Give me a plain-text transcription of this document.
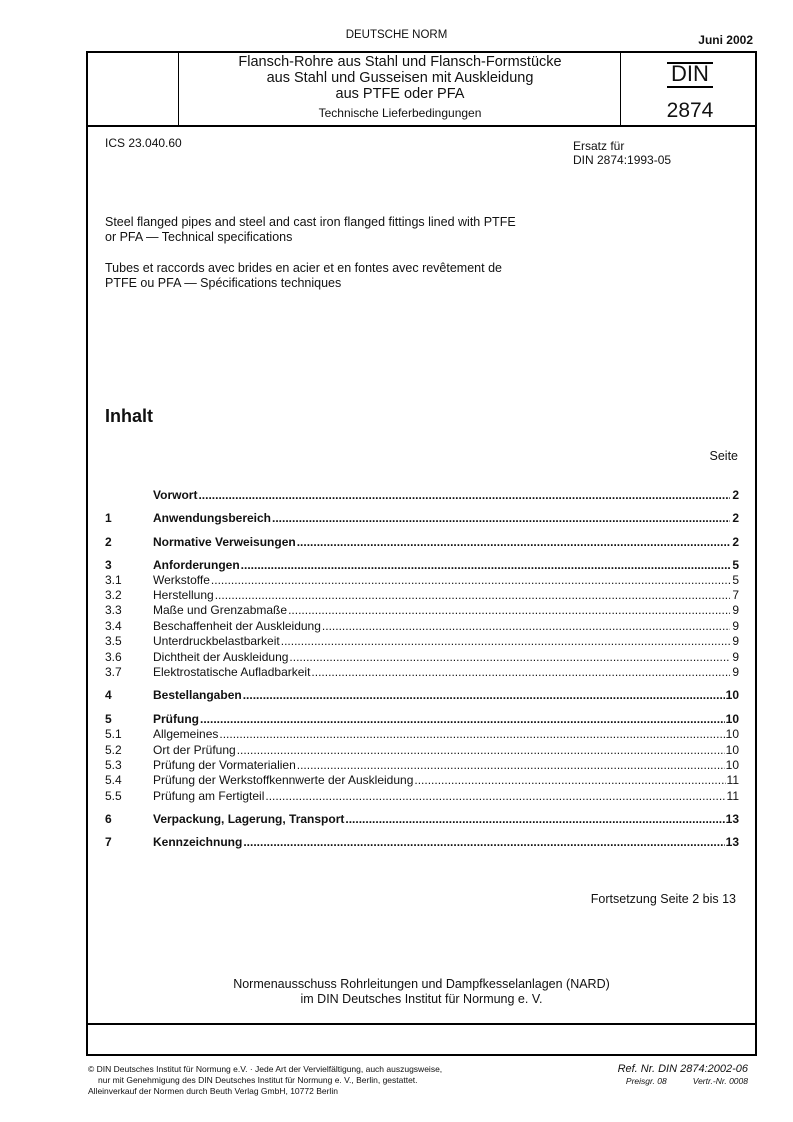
DEUTSCHE NORM	Juni 2002
Flansch-Rohre aus Stahl und Flansch-Formstücke
aus Stahl und Gusseisen mit Auskleidung
aus PTFE oder PFA
Technische Lieferbedingungen
DIN
2874
ICS 23.040.60	Ersatz für
DIN 2874:1993-05
Steel flanged pipes and steel and cast iron flanged fittings lined with PTFE
or PFA — Technical specifications
Tubes et raccords avec brides en acier et en fontes avec revêtement de
PTFE ou PFA — Spécifications techniques
Inhalt
Seite
Vorwort .....	2
1	Anwendungsbereich .....	2
2	Normative Verweisungen .....	2
3	Anforderungen .....	5
3.1	Werkstoffe .....	5
3.2	Herstellung .....	7
3.3	Maße und Grenzabmaße .....	9
3.4	Beschaffenheit der Auskleidung .....	9
3.5	Unterdruckbelastbarkeit .....	9
3.6	Dichtheit der Auskleidung .....	9
3.7	Elektrostatische Aufladbarkeit .....	9
4	Bestellangaben .....	10
5	Prüfung .....	10
5.1	Allgemeines .....	10
5.2	Ort der Prüfung .....	10
5.3	Prüfung der Vormaterialien .....	10
5.4	Prüfung der Werkstoffkennwerte der Auskleidung .....	11
5.5	Prüfung am Fertigteil .....	11
6	Verpackung, Lagerung, Transport .....	13
7	Kennzeichnung .....	13
Fortsetzung Seite 2 bis 13
Normenausschuss Rohrleitungen und Dampfkesselanlagen (NARD)
im DIN Deutsches Institut für Normung e. V.
© DIN Deutsches Institut für Normung e.V. · Jede Art der Vervielfältigung, auch auszugsweise,
nur mit Genehmigung des DIN Deutsches Institut für Normung e. V., Berlin, gestattet.
Alleinverkauf der Normen durch Beuth Verlag GmbH, 10772 Berlin
Ref. Nr. DIN 2874:2002-06
Preisgr. 08	Vertr.-Nr. 0008
